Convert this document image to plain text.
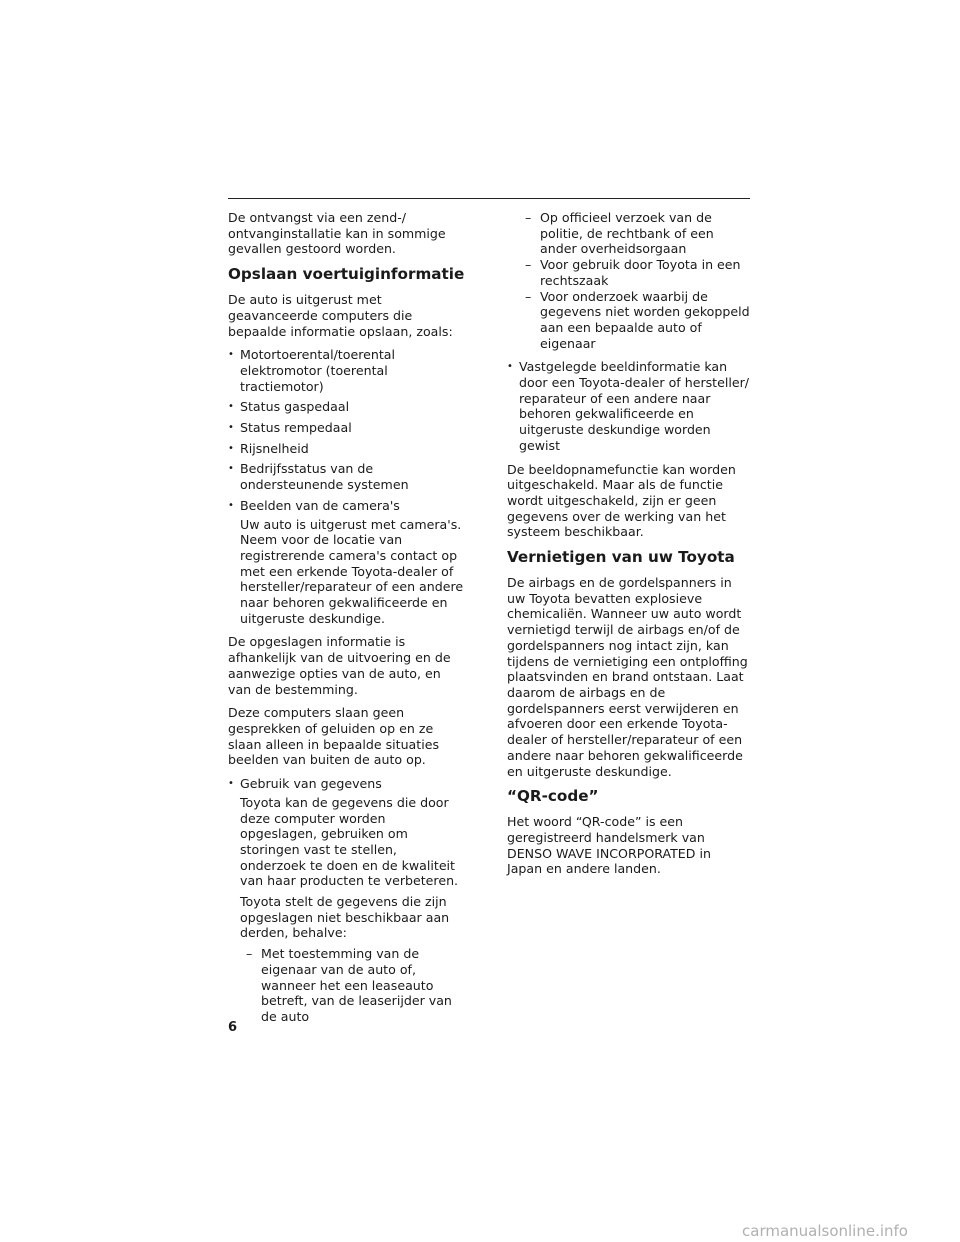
De ontvangst via een zend-/ ontvanginstallatie kan in sommige gevallen gestoord worden.

Opslaan voertuiginformatie

De auto is uitgerust met geavanceerde computers die bepaalde informatie opslaan, zoals:

• Motortoerental/toerental elektromotor (toerental tractiemotor)
• Status gaspedaal
• Status rempedaal
• Rijsnelheid
• Bedrijfsstatus van de ondersteunende systemen
• Beelden van de camera's

Uw auto is uitgerust met camera's. Neem voor de locatie van registrerende camera's contact op met een erkende Toyota-dealer of hersteller/reparateur of een andere naar behoren gekwalificeerde en uitgeruste deskundige.

De opgeslagen informatie is afhankelijk van de uitvoering en de aanwezige opties van de auto, en van de bestemming.

Deze computers slaan geen gesprekken of geluiden op en ze slaan alleen in bepaalde situaties beelden van buiten de auto op.

• Gebruik van gegevens

Toyota kan de gegevens die door deze computer worden opgeslagen, gebruiken om storingen vast te stellen, onderzoek te doen en de kwaliteit van haar producten te verbeteren.

Toyota stelt de gegevens die zijn opgeslagen niet beschikbaar aan derden, behalve:

– Met toestemming van de eigenaar van de auto of, wanneer het een leaseauto betreft, van de leaserijder van de auto
– Op officieel verzoek van de politie, de rechtbank of een ander overheidsorgaan
– Voor gebruik door Toyota in een rechtszaak
– Voor onderzoek waarbij de gegevens niet worden gekoppeld aan een bepaalde auto of eigenaar
• Vastgelegde beeldinformatie kan door een Toyota-dealer of hersteller/ reparateur of een andere naar behoren gekwalificeerde en uitgeruste deskundige worden gewist

De beeldopnamefunctie kan worden uitgeschakeld. Maar als de functie wordt uitgeschakeld, zijn er geen gegevens over de werking van het systeem beschikbaar.

Vernietigen van uw Toyota

De airbags en de gordelspanners in uw Toyota bevatten explosieve chemicaliën. Wanneer uw auto wordt vernietigd terwijl de airbags en/of de gordelspanners nog intact zijn, kan tijdens de vernietiging een ontploffing plaatsvinden en brand ontstaan. Laat daarom de airbags en de gordelspanners eerst verwijderen en afvoeren door een erkende Toyota-dealer of hersteller/reparateur of een andere naar behoren gekwalificeerde en uitgeruste deskundige.

“QR-code”

Het woord “QR-code” is een geregistreerd handelsmerk van DENSO WAVE INCORPORATED in Japan en andere landen.

6
carmanualsonline.info
